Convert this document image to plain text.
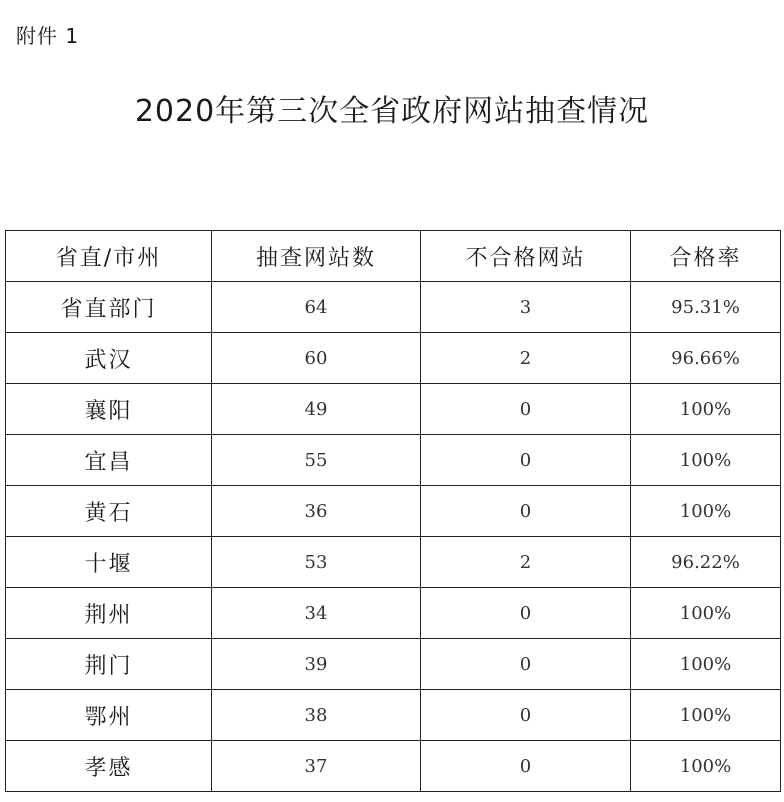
附件 1
2020年第三次全省政府网站抽查情况
省直/市州	抽查网站数	不合格网站	合格率
省直部门	64	3	95.31%
武汉	60	2	96.66%
襄阳	49	0	100%
宜昌	55	0	100%
黄石	36	0	100%
十堰	53	2	96.22%
荆州	34	0	100%
荆门	39	0	100%
鄂州	38	0	100%
孝感	37	0	100%
